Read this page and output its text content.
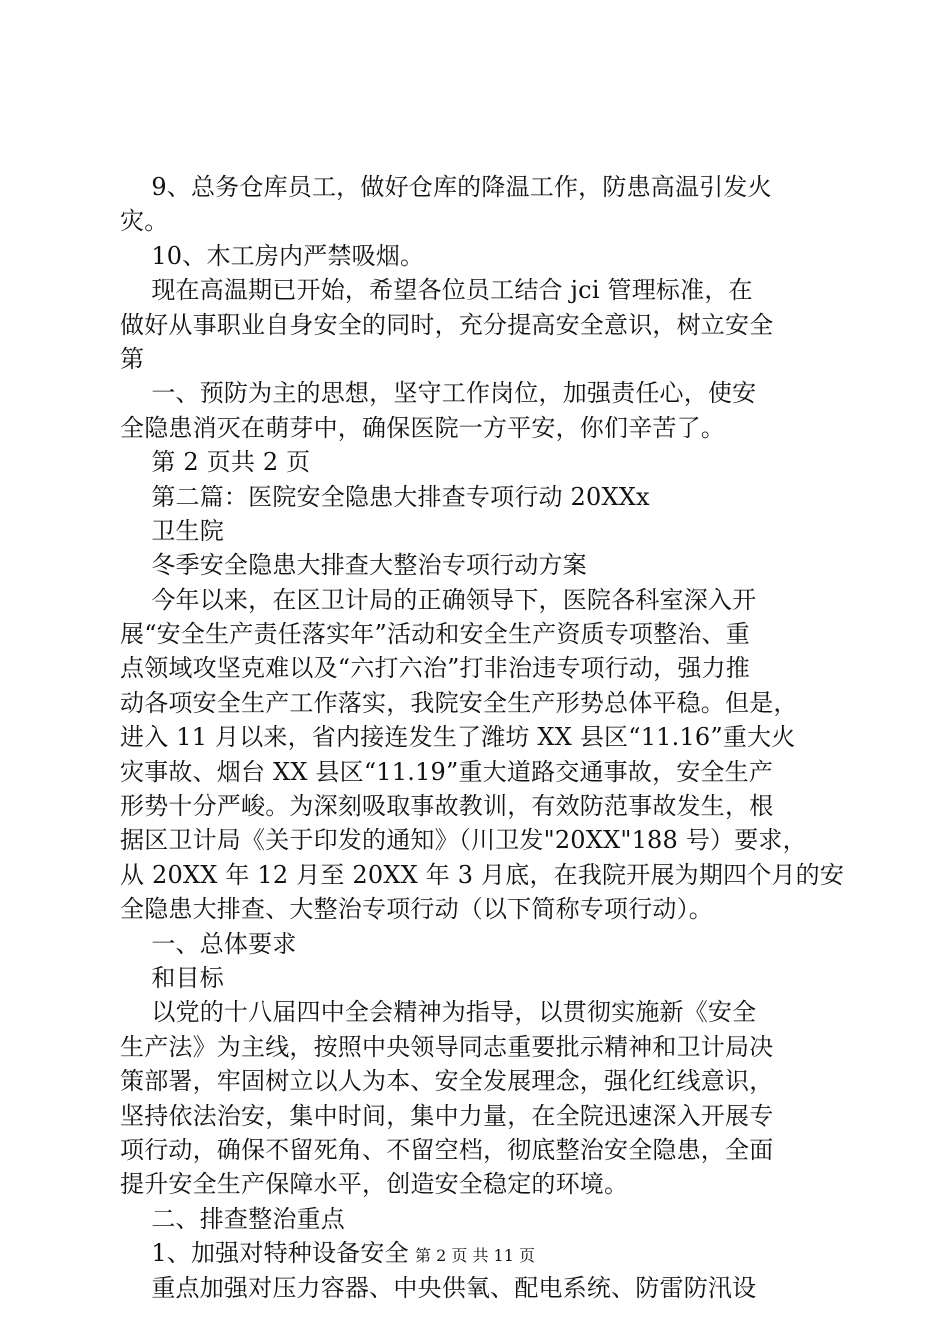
9、总务仓库员工，做好仓库的降温工作，防患高温引发火
灾。
10、木工房内严禁吸烟。
现在高温期已开始，希望各位员工结合 jci 管理标准，在
做好从事职业自身安全的同时，充分提高安全意识，树立安全
第
一、预防为主的思想，坚守工作岗位，加强责任心，使安
全隐患消灭在萌芽中，确保医院一方平安，你们辛苦了。
第 2 页共 2 页
第二篇：医院安全隐患大排查专项行动 20XXx
卫生院
冬季安全隐患大排查大整治专项行动方案
今年以来，在区卫计局的正确领导下，医院各科室深入开
展“安全生产责任落实年”活动和安全生产资质专项整治、重
点领域攻坚克难以及“六打六治”打非治违专项行动，强力推
动各项安全生产工作落实，我院安全生产形势总体平稳。但是，
进入 11 月以来，省内接连发生了潍坊 XX 县区“11.16”重大火
灾事故、烟台 XX 县区“11.19”重大道路交通事故，安全生产
形势十分严峻。为深刻吸取事故教训，有效防范事故发生，根
据区卫计局《关于印发的通知》（川卫发"20XX"188 号）要求，
从 20XX 年 12 月至 20XX 年 3 月底，在我院开展为期四个月的安
全隐患大排查、大整治专项行动（以下简称专项行动）。
一、总体要求
和目标
以党的十八届四中全会精神为指导，以贯彻实施新《安全
生产法》为主线，按照中央领导同志重要批示精神和卫计局决
策部署，牢固树立以人为本、安全发展理念，强化红线意识，
坚持依法治安，集中时间，集中力量，在全院迅速深入开展专
项行动，确保不留死角、不留空档，彻底整治安全隐患，全面
提升安全生产保障水平，创造安全稳定的环境。
二、排查整治重点
1、加强对特种设备安全
重点加强对压力容器、中央供氧、配电系统、防雷防汛设
第 2 页 共 11 页
